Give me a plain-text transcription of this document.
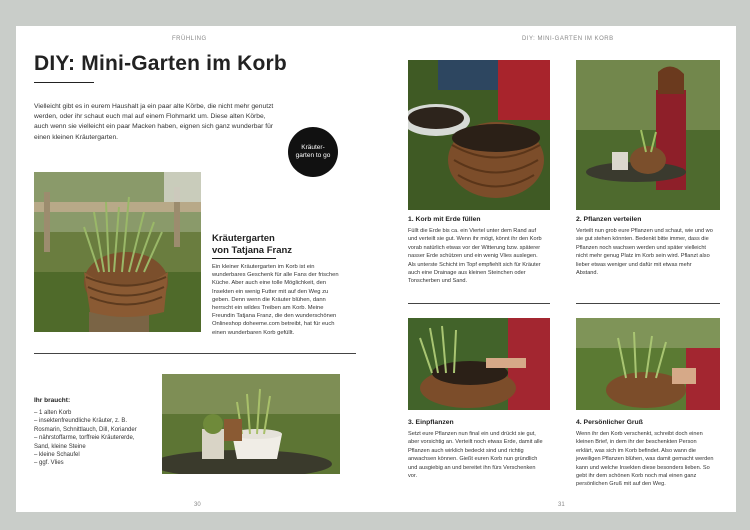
FRÜHLING
DIY: Mini-Garten im Korb

Vielleicht gibt es in eurem Haushalt ja ein paar alte Körbe, die nicht mehr genutzt werden, oder ihr schaut euch mal auf einem Flohmarkt um. Diese alten Körbe, auch wenn sie vielleicht ein paar Macken haben, eignen sich ganz wunderbar für einen kleinen Kräutergarten.

Kräuter-
garten to go
Kräutergarten
von Tatjana Franz

Ein kleiner Kräutergarten im Korb ist ein wunderbares Geschenk für alle Fans der frischen Küche. Aber auch eine tolle Möglichkeit, den Insekten ein wenig Futter mit auf den Weg zu geben. Denn wenn die Kräuter blühen, dann herrscht ein wildes Treiben am Korb. Meine Freundin Tatjana Franz, die den wunderschönen Onlineshop doheeme.com betreibt, hat für euch einen wunderbaren Korb gefüllt.

Ihr braucht:
– 1 alten Korb
– insektenfreundliche Kräuter, z. B.
Rosmarin, Schnittlauch, Dill, Koriander
– nährstoffarme, torffreie Kräutererde,
Sand, kleine Steine
– kleine Schaufel
– ggf. Vlies
30
DIY: MINI-GARTEN IM KORB
1. Korb mit Erde füllen

Füllt die Erde bis ca. ein Viertel unter dem Rand auf und verteilt sie gut. Wenn ihr mögt, könnt ihr den Korb vorab natürlich etwas vor der Witterung bzw. späterer nasser Erde schützen und ein wenig Vlies auslegen. Als unterste Schicht im Topf empfiehlt sich für Kräuter auch eine Drainage aus kleinen Steinchen oder Tonscherben und Sand.

2. Pflanzen verteilen

Verteilt nun grob eure Pflanzen und schaut, wie und wo sie gut stehen könnten. Bedenkt bitte immer, dass die Pflanzen noch wachsen werden und später vielleicht nicht mehr genug Platz im Korb sein wird. Pflanzt also lieber etwas weniger und dafür mit etwas mehr Abstand.

3. Einpflanzen

Setzt eure Pflanzen nun final ein und drückt sie gut, aber vorsichtig an. Verteilt noch etwas Erde, damit alle Pflanzen auch wirklich bedeckt sind und richtig anwachsen können. Gießt euren Korb nun gründlich und ausgiebig an und bereitet ihn fürs Verschenken vor.

4. Persönlicher Gruß

Wenn ihr den Korb verschenkt, schreibt doch einen kleinen Brief, in dem ihr der beschenkten Person erklärt, was sich im Korb befindet. Also wann die jeweiligen Pflanzen blühen, was damit gemacht werden kann und welche Insekten diese besonders lieben. So gebt ihr dem schönen Korb noch mal einen ganz persönlichen Gruß mit auf den Weg.

31
